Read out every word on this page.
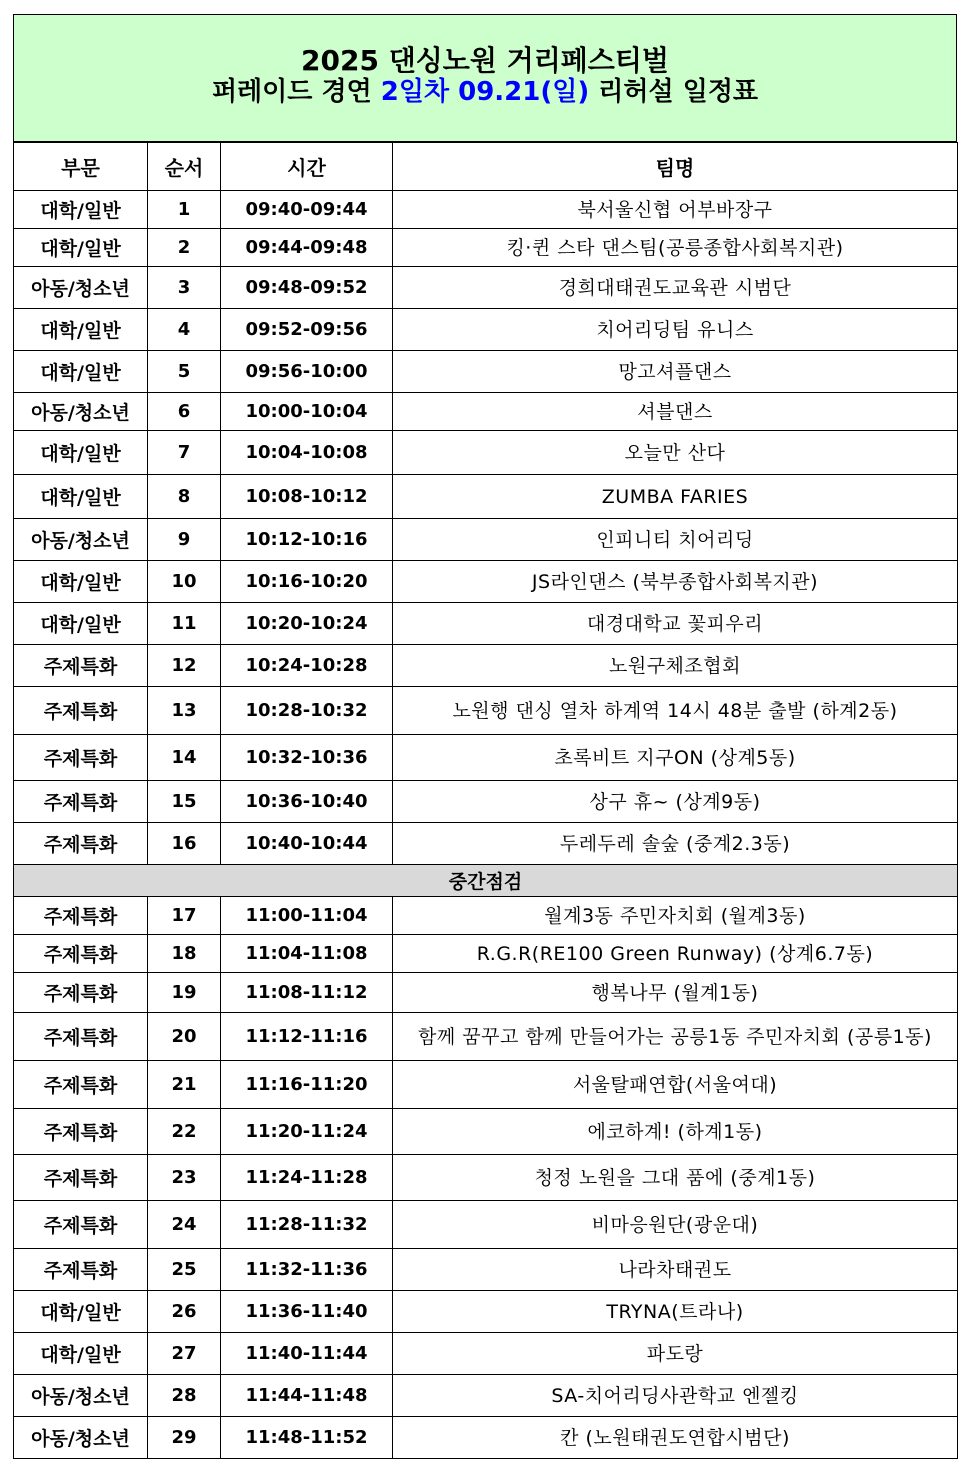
2025 댄싱노원 거리페스티벌
퍼레이드 경연 2일차 09.21(일) 리허설 일정표
부문	순서	시간	팀명
대학/일반	1	09:40-09:44	북서울신협 어부바장구
대학/일반	2	09:44-09:48	킹·퀸 스타 댄스팀(공릉종합사회복지관)
아동/청소년	3	09:48-09:52	경희대태권도교육관 시범단
대학/일반	4	09:52-09:56	치어리딩팀 유니스
대학/일반	5	09:56-10:00	망고셔플댄스
아동/청소년	6	10:00-10:04	셔블댄스
대학/일반	7	10:04-10:08	오늘만 산다
대학/일반	8	10:08-10:12	ZUMBA FARIES
아동/청소년	9	10:12-10:16	인피니티 치어리딩
대학/일반	10	10:16-10:20	JS라인댄스 (북부종합사회복지관)
대학/일반	11	10:20-10:24	대경대학교 꽃피우리
주제특화	12	10:24-10:28	노원구체조협회
주제특화	13	10:28-10:32	노원행 댄싱 열차 하계역 14시 48분 출발 (하계2동)
주제특화	14	10:32-10:36	초록비트 지구ON (상계5동)
주제특화	15	10:36-10:40	상구 휴~ (상계9동)
주제특화	16	10:40-10:44	두레두레 솔숲 (중계2.3동)
중간점검			
주제특화	17	11:00-11:04	월계3동 주민자치회 (월계3동)
주제특화	18	11:04-11:08	R.G.R(RE100 Green Runway) (상계6.7동)
주제특화	19	11:08-11:12	행복나무 (월계1동)
주제특화	20	11:12-11:16	함께 꿈꾸고 함께 만들어가는 공릉1동 주민자치회 (공릉1동)
주제특화	21	11:16-11:20	서울탈패연합(서울여대)
주제특화	22	11:20-11:24	에코하계! (하계1동)
주제특화	23	11:24-11:28	청정 노원을 그대 품에 (중계1동)
주제특화	24	11:28-11:32	비마응원단(광운대)
주제특화	25	11:32-11:36	나라차태권도
대학/일반	26	11:36-11:40	TRYNA(트라나)
대학/일반	27	11:40-11:44	파도랑
아동/청소년	28	11:44-11:48	SA-치어리딩사관학교 엔젤킹
아동/청소년	29	11:48-11:52	칸 (노원태권도연합시범단)
